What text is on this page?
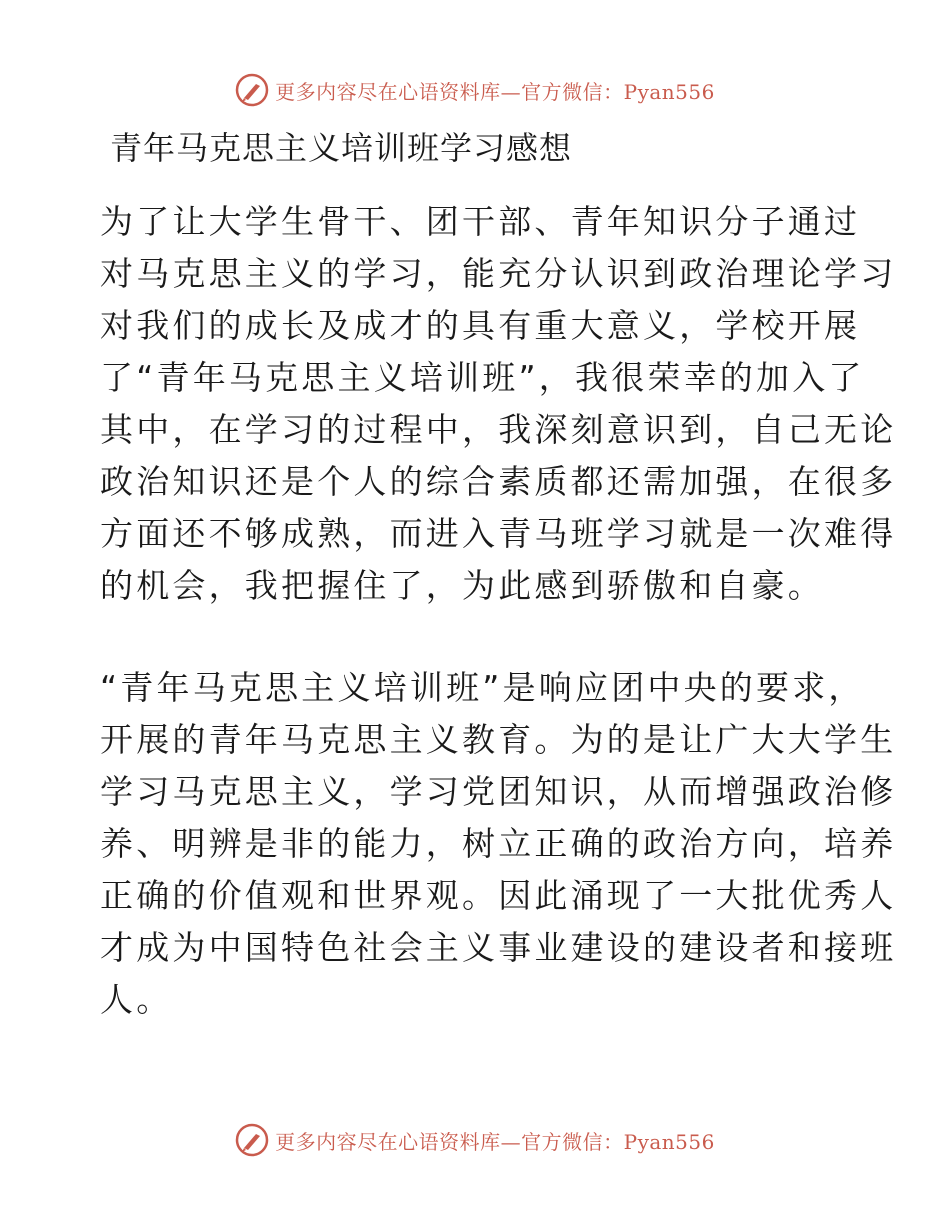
更多内容尽在心语资料库—官方微信：Pyan556
青年马克思主义培训班学习感想
为了让大学生骨干、团干部、青年知识分子通过
对马克思主义的学习，能充分认识到政治理论学习
对我们的成长及成才的具有重大意义，学校开展
了“青年马克思主义培训班”，我很荣幸的加入了
其中，在学习的过程中，我深刻意识到，自己无论
政治知识还是个人的综合素质都还需加强，在很多
方面还不够成熟，而进入青马班学习就是一次难得
的机会，我把握住了，为此感到骄傲和自豪。
“青年马克思主义培训班”是响应团中央的要求，
开展的青年马克思主义教育。为的是让广大大学生
学习马克思主义，学习党团知识，从而增强政治修
养、明辨是非的能力，树立正确的政治方向，培养
正确的价值观和世界观。因此涌现了一大批优秀人
才成为中国特色社会主义事业建设的建设者和接班
人。
更多内容尽在心语资料库—官方微信：Pyan556
